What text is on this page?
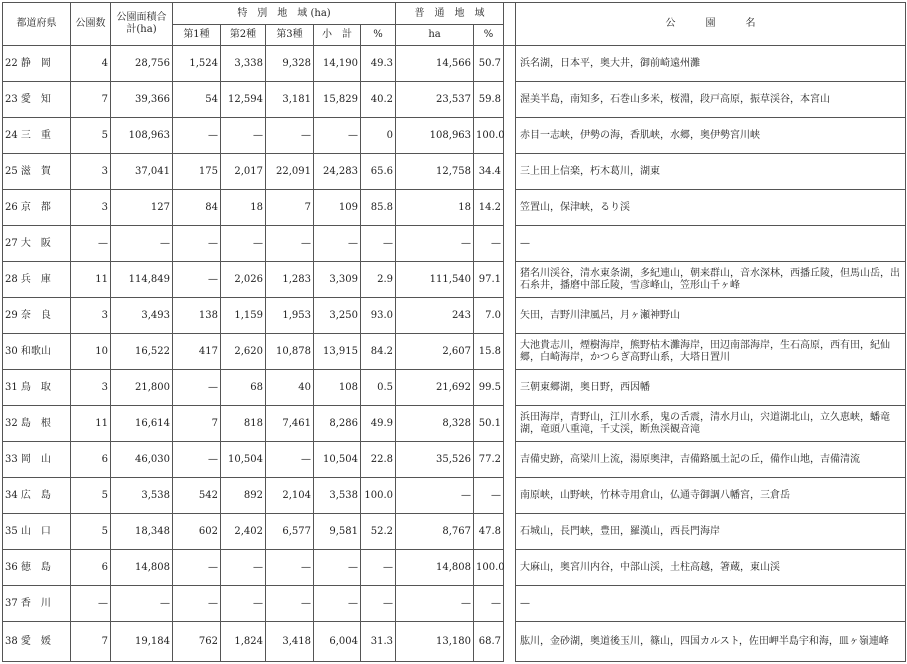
都道府県	公園数	公園面積合　計(ha)	特　別　地　域 (ha)					普　通　地　域			公　　　園　　　名
			第1種	第2種	第3種	小　計	%	ha	%		
22 静　岡	4	28,756	1,524	3,338	9,328	14,190	49.3	14,566	50.7		浜名湖，日本平，奥大井，御前崎遠州灘
23 愛　知	7	39,366	54	12,594	3,181	15,829	40.2	23,537	59.8		渥美半島，南知多，石巻山多米，桜淵，段戸高原，振草渓谷，本宮山
24 三　重	5	108,963	—	—	—	—	0	108,963	100.0		赤目一志峡，伊勢の海，香肌峡，水郷，奥伊勢宮川峡
25 滋　賀	3	37,041	175	2,017	22,091	24,283	65.6	12,758	34.4		三上田上信楽，朽木葛川，湖東
26 京　都	3	127	84	18	7	109	85.8	18	14.2		笠置山，保津峡，るり渓
27 大　阪	—	—	—	—	—	—	—	—	—		—
28 兵　庫	11	114,849	—	2,026	1,283	3,309	2.9	111,540	97.1		猪名川渓谷，清水東条湖，多紀連山，朝来群山，音水深林，西播丘陵，但馬山岳，出石糸井，播磨中部丘陵，雪彦峰山，笠形山千ヶ峰
29 奈　良	3	3,493	138	1,159	1,953	3,250	93.0	243	7.0		矢田，吉野川津風呂，月ヶ瀬神野山
30 和歌山	10	16,522	417	2,620	10,878	13,915	84.2	2,607	15.8		大池貴志川，煙樹海岸，熊野枯木灘海岸，田辺南部海岸，生石高原，西有田，紀仙郷，白崎海岸，かつらぎ高野山系，大塔日置川
31 鳥　取	3	21,800	—	68	40	108	0.5	21,692	99.5		三朝東郷湖，奥日野，西因幡
32 島　根	11	16,614	7	818	7,461	8,286	49.9	8,328	50.1		浜田海岸，青野山，江川水系，鬼の舌震，清水月山，宍道湖北山，立久恵峡，蟠竜湖，竜頭八重滝，千丈渓，断魚渓観音滝
33 岡　山	6	46,030	—	10,504	—	10,504	22.8	35,526	77.2		吉備史跡，高梁川上流，湯原奥津，吉備路風土記の丘，備作山地，吉備清流
34 広　島	5	3,538	542	892	2,104	3,538	100.0	—	—		南原峡，山野峡，竹林寺用倉山，仏通寺御調八幡宮，三倉岳
35 山　口	5	18,348	602	2,402	6,577	9,581	52.2	8,767	47.8		石城山，長門峡，豊田，羅漢山，西長門海岸
36 徳　島	6	14,808	—	—	—	—	—	14,808	100.0		大麻山，奥宮川内谷，中部山渓，土柱高越，箸蔵，東山渓
37 香　川	—	—	—	—	—	—	—	—	—		—
38 愛　媛	7	19,184	762	1,824	3,418	6,004	31.3	13,180	68.7		肱川，金砂湖，奥道後玉川，篠山，四国カルスト，佐田岬半島宇和海，皿ヶ嶺連峰
